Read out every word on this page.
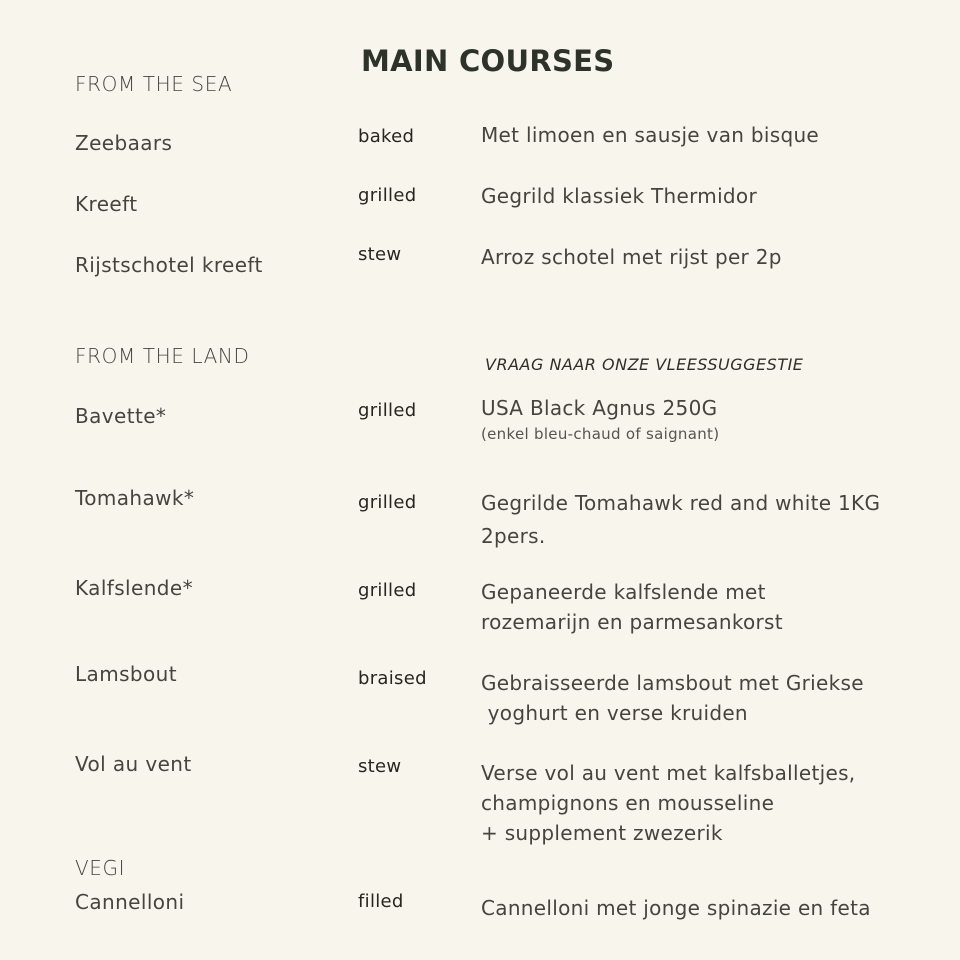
MAIN COURSES
FROM THE SEA
Zeebaars	baked	Met limoen en sausje van bisque
Kreeft	grilled	Gegrild klassiek Thermidor
Rijstschotel kreeft	stew	Arroz schotel met rijst per 2p
FROM THE LAND	VRAAG NAAR ONZE VLEESSUGGESTIE
Bavette*	grilled	USA Black Agnus 250G
(enkel bleu-chaud of saignant)
Tomahawk*	grilled	Gegrilde Tomahawk red and white 1KG
2pers.
Kalfslende*	grilled	Gepaneerde kalfslende met
rozemarijn en parmesankorst
Lamsbout	braised	Gebraisseerde lamsbout met Griekse
yoghurt en verse kruiden
Vol au vent	stew	Verse vol au vent met kalfsballetjes,
champignons en mousseline
+ supplement zwezerik
VEGI
Cannelloni	filled	Cannelloni met jonge spinazie en feta
